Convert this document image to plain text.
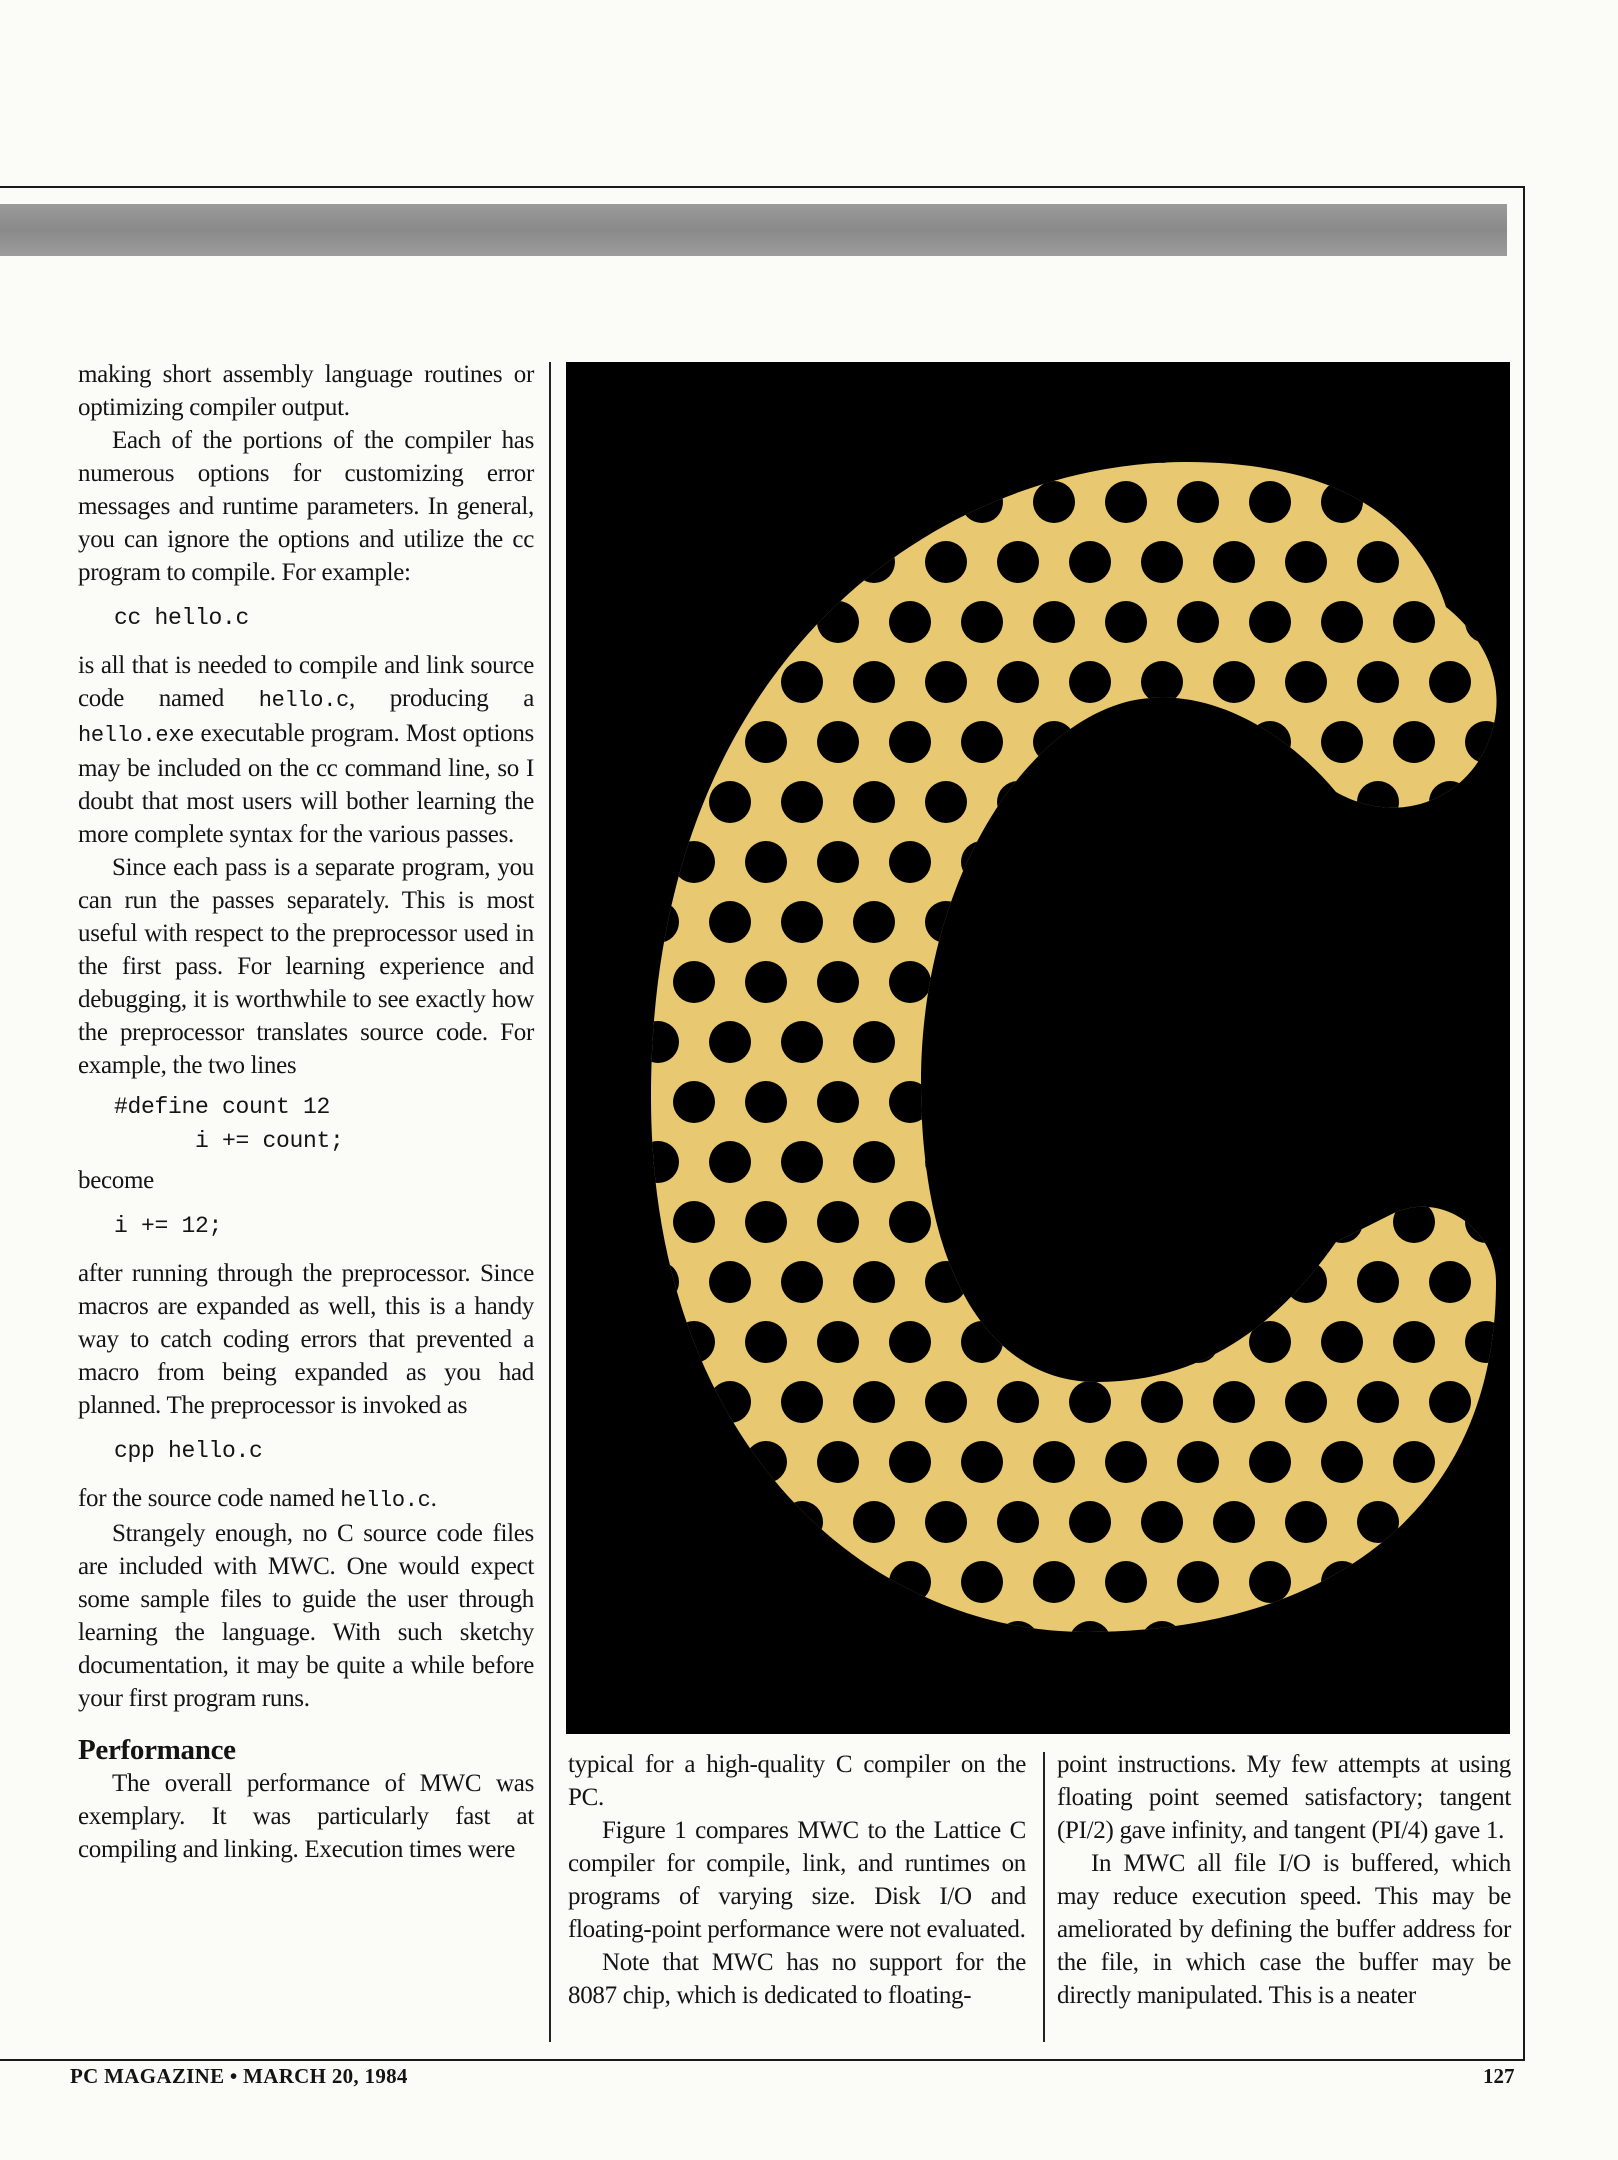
making short assembly language routines or optimizing compiler output.

Each of the portions of the compiler has numerous options for customizing error messages and runtime parameters. In general, you can ignore the options and utilize the cc program to compile. For example:

cc hello.c

is all that is needed to compile and link source code named hello.c, producing a hello.exe executable program. Most options may be included on the cc command line, so I doubt that most users will bother learning the more complete syntax for the various passes.

Since each pass is a separate program, you can run the passes separately. This is most useful with respect to the preprocessor used in the first pass. For learning experience and debugging, it is worthwhile to see exactly how the preprocessor translates source code. For example, the two lines

#define count 12
i += count;

become

i += 12;

after running through the preprocessor. Since macros are expanded as well, this is a handy way to catch coding errors that prevented a macro from being expanded as you had planned. The preprocessor is invoked as

cpp hello.c

for the source code named hello.c.

Strangely enough, no C source code files are included with MWC. One would expect some sample files to guide the user through learning the language. With such sketchy documentation, it may be quite a while before your first program runs.

Performance

The overall performance of MWC was exemplary. It was particularly fast at compiling and linking. Execution times were

typical for a high-quality C compiler on the PC.

Figure 1 compares MWC to the Lattice C compiler for compile, link, and runtimes on programs of varying size. Disk I/O and floating-point performance were not evaluated.

Note that MWC has no support for the 8087 chip, which is dedicated to floating-

point instructions. My few attempts at using floating point seemed satisfactory; tangent (PI/2) gave infinity, and tangent (PI/4) gave 1.

In MWC all file I/O is buffered, which may reduce execution speed. This may be ameliorated by defining the buffer address for the file, in which case the buffer may be directly manipulated. This is a neater

PC MAGAZINE • MARCH 20, 1984	127
